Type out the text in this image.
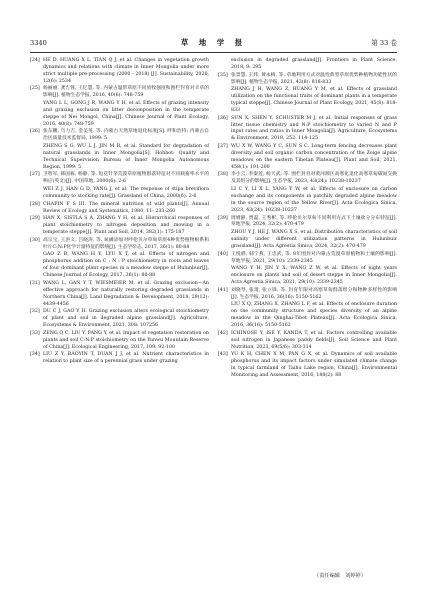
3340	草 地 学 报	第 33 卷
[24] HE D, HUANG X L, TIAN Q J, et al. Changes in vegetation growth dynamics and relations with climate in Inner Mongolia under more strict multiple pre-processing (2000 - 2018) [J]. Sustainability, 2020, 12(6): 2534
[25] 杨丽丽, 龚吉蓉, 王忆慧, 等. 内蒙古温带草原不同放牧强度和围栏封育对羊草的影响[J]. 植物生态学报, 2016, 40(6): 748-759
YANG L L, GONG J R, WANG Y H, et al. Effects of grazing intensity and grazing exclusion on litter decomposition in the temperate steppe of Nei Mongol, China[J]. Chinese Journal of Plant Ecology, 2016, 40(8): 748-759
[26] 张东鹏, 乌力吉, 金美英, 等. 内蒙古天然草地退化标准[S]. 呼和浩特: 内蒙古自治区质量技术监督局, 1999: 5
ZHENG S G, WU L J, JIN M R, et al. Standard for degradation of natural grasslands in Inner Mongolia[S]. Hohhot: Quality and Technical Supervision Bureau of Inner Mongolia Autonomous Region, 1999: 5
[27] 卫智军, 韩国栋, 杨静, 等. 短花针茅荒漠草原植物群落特征对不同载畜率水平的响应(英文)[J]. 中国草地, 2000(6): 2-6
WEI Z J, HAN G D, YANG J, et al. The response of stipa breviflora community to stocking rate[J]. Grassland of China, 2000(6): 2-6
[28] CHAPIN F S III. The mineral nutrition of wild plants[J]. Annual Review of Ecology and Systematics, 1980, 11: 233-260
[29] HAN X, SISTLA S A, ZHANG Y H, et al. Hierarchical responses of plant stoichiometry to nitrogen deposition and mowing in a temperate steppe[J]. Plant and Soil, 2014, 382(1): 175-187
[30] 高宗宝, 王洪义, 吕晓涛, 等. 氮磷添加对呼伦贝尔草甸草原4种优势植物根系和叶片C:N:P化学计量特征的影响[J]. 生态学杂志, 2017, 36(1): 80-88
GAO Z B, WANG H Y, LYU X T, et al. Effects of nitrogen and phosphorus addition on C : N : P stoichiometry in roots and leaves of four dominant plant species in a meadow steppe of Hulunbuir[J]. Chinese Journal of Ecology, 2017, 36(1): 80-88
[31] WANG L, GAN Y T, WIESMEIER M, et al. Grazing exclusion—An effective approach for naturally restoring degraded grasslands in Northern China[J]. Land Degradation & Development, 2018, 29(12): 4439-4456
[32] DU C J, GAO Y H. Grazing exclusion alters ecological stoichiometry of plant and soil in degraded alpine grassland[J]. Agriculture, Ecosystems & Environment, 2021, 308: 107256
[33] ZENG Q C, LIU Y, FANG Y, et al. Impact of vegetation restoration on plants and soil C:N:P stoichiometry on the Yunwu Mountain Reserve of China[J]. Ecological Engineering, 2017, 109: 92-100
[34] LIU Z Y, BAOYIN T, DUAN J J, et al. Nutrient characteristics in relation to plant size of a perennial grass under grazing
exclusion in degraded grassland[J]. Frontiers in Plant Science, 2018, 9: 295
[35] 张景慧, 王炜, 黄永梅, 等. 草地利用方式对温性典型草原优势种植物功能性状的影响[J]. 植物生态学报, 2021, 43(8): 818-833
ZHANG J H, WANG Z, HUANG Y M, et al. Effects of grassland utilization on the functional traits of dominant plants in a temperate typical steppe[J]. Chinese Journal of Plant Ecology, 2021, 45(8): 818-833
[36] SUN X, SHEN Y, SCHUSTER M J, et al. Initial responses of grass litter tissue chemistry and N:P stoichiometry to varied N and P input rates and ratios in Inner Mongolia[J]. Agriculture, Ecosystems & Environment, 2018, 252: 114-125
[37] WU X W, WANG Y C, SUN S C. Long-term fencing decreases plant diversity and soil organic carbon concentration of the Zoige alpine meadows on the eastern Tibetan Plateau[J]. Plant and Soil, 2021, 458(1): 191-200
[38] 李小云, 李秦莲, 杨天武, 等. 围栏封育对黄河源区高寒化退化高寒草甸碳氮交换及其组分的影响[J]. 生态学报, 2023, 43(24): 10238-10237
LI C Y, LI X L, YANG Y W, et al. Effects of enclosure on carbon exchange and its components in patchily degraded alpine meadow in the source region of the Yellow River[J]. Acta Ecologica Sinica, 2023, 43(24): 10238-10237
[39] 周姆静, 贾磊, 王秀彬, 等. 呼伦贝尔草甸不同利用方式下土壤盐分分布特征[J]. 草地学报, 2024, 32(2): 470-479
ZHOU Y J, HE J, WANG X S, et al. Distribution characteristics of soil salinity under different utilization patterns in Hulunbuir grassland[J]. Acta Agrestia Sinica, 2024, 32(2): 470-479
[40] 王悦骅, 韩宁燕, 王忠武, 等. 8年围封对内蒙古荒漠草原植物和土壤的影响[J]. 草地学报, 2021, 29(10): 2339-2345
WANG Y H, JIN Y X, WANG Z W, et al. Effects of eight years enclosure on plants and soil of desert steppe in Inner Mongolia[J]. Acta Agrestia Sinica, 2021, 29(10): 2339-2345
[41] 刘晓琴, 张琦, 张立锋, 等. 封育年限对高寒草甸群落组分和物种多样性的影响[J]. 生态学报, 2016, 36(16): 5150-5162
LIU X Q, ZHANG X, ZHANG L F, et al. Effects of enclosure duration on the community structure and species diversity of an alpine meadow in the Qinghai-Tibet Plateau[J]. Acta Ecologica Sinica, 2016, 36(16): 5150-5162
[42] ICHINOSE Y, ISE Y, KANDA T, et al. Factors controlling available soil nitrogen in Japanese paddy fields[J]. Soil Science and Plant Nutrition, 2023, 69(5/6): 303-314
[43] YU K H, CHEN X M, PAN G X, et al. Dynamics of soil available phosphorus and its impact factors under simulated climate change in typical farmland of Taihu Lake region, China[J]. Environmental Monitoring and Assessment, 2016, 188(2): 88
（责任编辑　刘婷婷）
